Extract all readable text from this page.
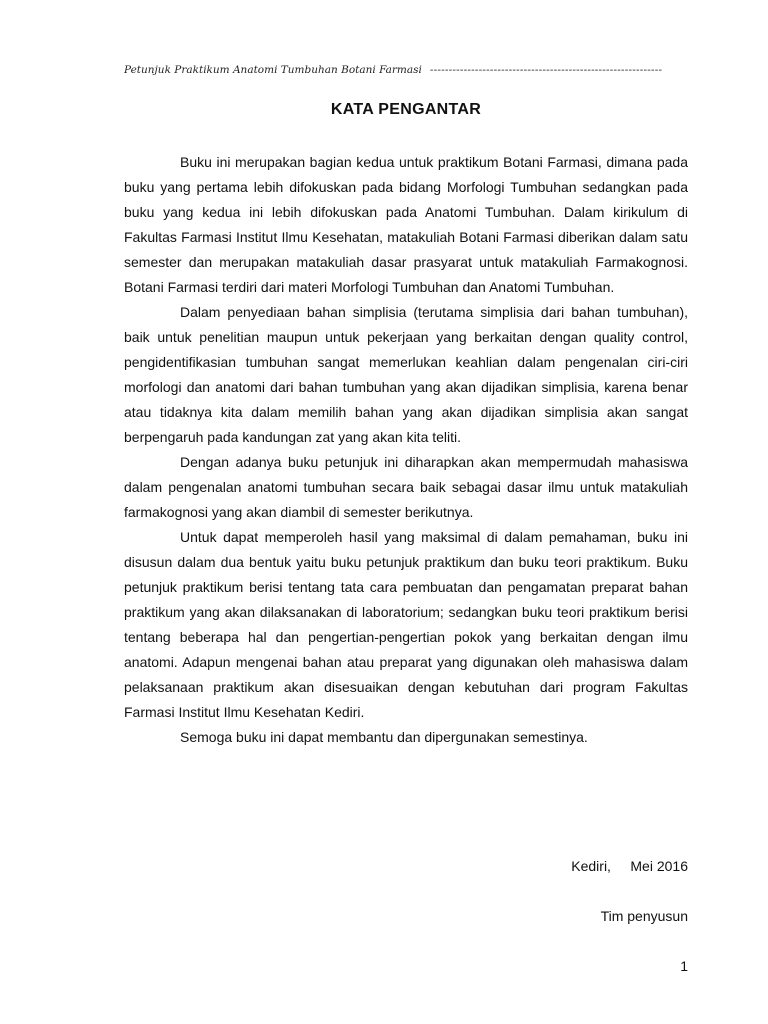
Petunjuk Praktikum Anatomi Tumbuhan Botani Farmasi --------------------------------------------------------------
KATA PENGANTAR

Buku ini merupakan bagian kedua untuk praktikum Botani Farmasi, dimana pada buku yang pertama lebih difokuskan pada bidang Morfologi Tumbuhan sedangkan pada buku yang kedua ini lebih difokuskan pada Anatomi Tumbuhan. Dalam kirikulum di Fakultas Farmasi Institut Ilmu Kesehatan, matakuliah Botani Farmasi diberikan dalam satu semester dan merupakan matakuliah dasar prasyarat untuk matakuliah Farmakognosi. Botani Farmasi terdiri dari materi Morfologi Tumbuhan dan Anatomi Tumbuhan.

Dalam penyediaan bahan simplisia (terutama simplisia dari bahan tumbuhan), baik untuk penelitian maupun untuk pekerjaan yang berkaitan dengan quality control, pengidentifikasian tumbuhan sangat memerlukan keahlian dalam pengenalan ciri-ciri morfologi dan anatomi dari bahan tumbuhan yang akan dijadikan simplisia, karena benar atau tidaknya kita dalam memilih bahan yang akan dijadikan simplisia akan sangat berpengaruh pada kandungan zat yang akan kita teliti.

Dengan adanya buku petunjuk ini diharapkan akan mempermudah mahasiswa dalam pengenalan anatomi tumbuhan secara baik sebagai dasar ilmu untuk matakuliah farmakognosi yang akan diambil di semester berikutnya.

Untuk dapat memperoleh hasil yang maksimal di dalam pemahaman, buku ini disusun dalam dua bentuk yaitu buku petunjuk praktikum dan buku teori praktikum. Buku petunjuk praktikum berisi tentang tata cara pembuatan dan pengamatan preparat bahan praktikum yang akan dilaksanakan di laboratorium; sedangkan buku teori praktikum berisi tentang beberapa hal dan pengertian-pengertian pokok yang berkaitan dengan ilmu anatomi. Adapun mengenai bahan atau preparat yang digunakan oleh mahasiswa dalam pelaksanaan praktikum akan disesuaikan dengan kebutuhan dari program Fakultas Farmasi Institut Ilmu Kesehatan Kediri.

Semoga buku ini dapat membantu dan dipergunakan semestinya.

Kediri,     Mei 2016
Tim penyusun
1
